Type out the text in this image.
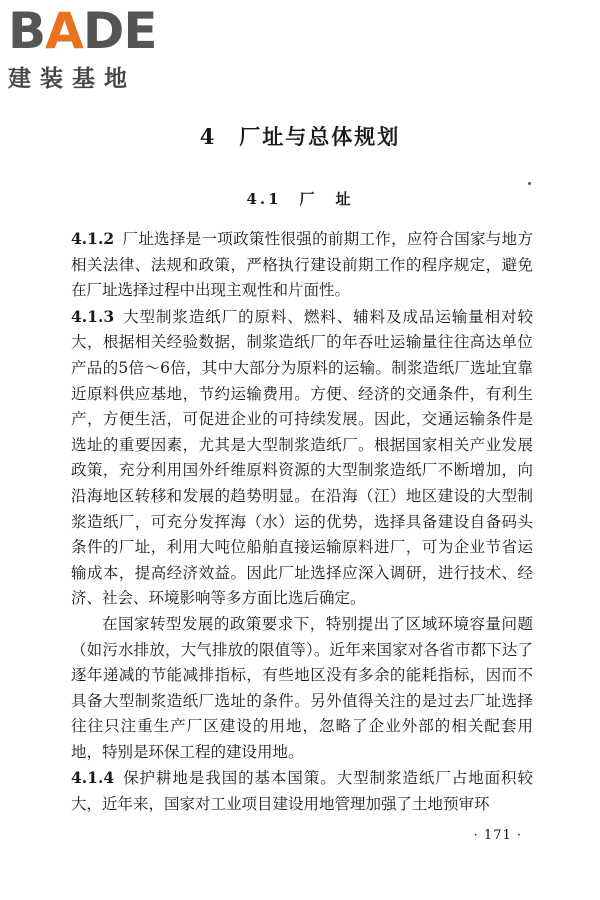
BADE
建装基地
4　厂址与总体规划
4.1　厂　址

4.1.2 厂址选择是一项政策性很强的前期工作，应符合国家与地方相关法律、法规和政策，严格执行建设前期工作的程序规定，避免在厂址选择过程中出现主观性和片面性。

4.1.3 大型制浆造纸厂的原料、燃料、辅料及成品运输量相对较大，根据相关经验数据，制浆造纸厂的年吞吐运输量往往高达单位产品的5倍～6倍，其中大部分为原料的运输。制浆造纸厂选址宜靠近原料供应基地，节约运输费用。方便、经济的交通条件，有利生产，方便生活，可促进企业的可持续发展。因此，交通运输条件是选址的重要因素，尤其是大型制浆造纸厂。根据国家相关产业发展政策，充分利用国外纤维原料资源的大型制浆造纸厂不断增加，向沿海地区转移和发展的趋势明显。在沿海（江）地区建设的大型制浆造纸厂，可充分发挥海（水）运的优势，选择具备建设自备码头条件的厂址，利用大吨位船舶直接运输原料进厂，可为企业节省运输成本，提高经济效益。因此厂址选择应深入调研，进行技术、经济、社会、环境影响等多方面比选后确定。

在国家转型发展的政策要求下，特别提出了区域环境容量问题（如污水排放，大气排放的限值等）。近年来国家对各省市都下达了逐年递减的节能减排指标，有些地区没有多余的能耗指标，因而不具备大型制浆造纸厂选址的条件。另外值得关注的是过去厂址选择往往只注重生产厂区建设的用地，忽略了企业外部的相关配套用地，特别是环保工程的建设用地。

4.1.4 保护耕地是我国的基本国策。大型制浆造纸厂占地面积较大，近年来，国家对工业项目建设用地管理加强了土地预审环

· 171 ·
